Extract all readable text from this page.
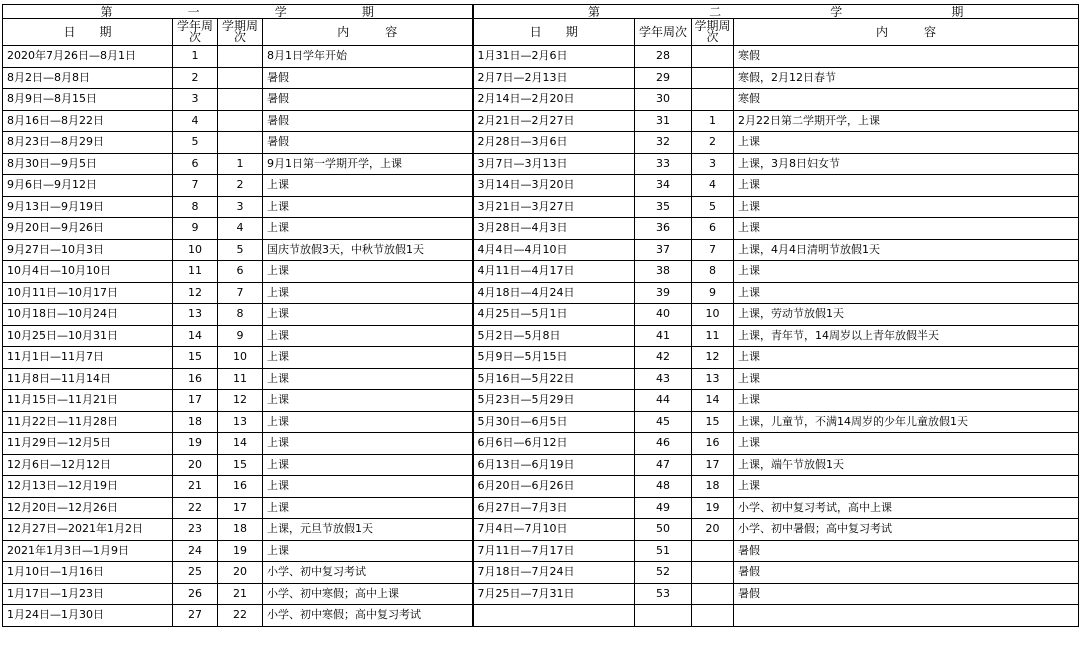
第 一 学 期				第 二 学 期			

日　　期	学年周次	学期周次	内　　　容	日　　期	学年周次	学期周次	内　　　容
2020年7月26日—8月1日	1		8月1日学年开始	1月31日—2月6日	28		寒假
8月2日—8月8日	2		暑假	2月7日—2月13日	29		寒假，2月12日春节
8月9日—8月15日	3		暑假	2月14日—2月20日	30		寒假
8月16日—8月22日	4		暑假	2月21日—2月27日	31	1	2月22日第二学期开学，上课
8月23日—8月29日	5		暑假	2月28日—3月6日	32	2	上课
8月30日—9月5日	6	1	9月1日第一学期开学，上课	3月7日—3月13日	33	3	上课，3月8日妇女节
9月6日—9月12日	7	2	上课	3月14日—3月20日	34	4	上课
9月13日—9月19日	8	3	上课	3月21日—3月27日	35	5	上课
9月20日—9月26日	9	4	上课	3月28日—4月3日	36	6	上课
9月27日—10月3日	10	5	国庆节放假3天，中秋节放假1天	4月4日—4月10日	37	7	上课，4月4日清明节放假1天
10月4日—10月10日	11	6	上课	4月11日—4月17日	38	8	上课
10月11日—10月17日	12	7	上课	4月18日—4月24日	39	9	上课
10月18日—10月24日	13	8	上课	4月25日—5月1日	40	10	上课，劳动节放假1天
10月25日—10月31日	14	9	上课	5月2日—5月8日	41	11	上课，青年节，14周岁以上青年放假半天
11月1日—11月7日	15	10	上课	5月9日—5月15日	42	12	上课
11月8日—11月14日	16	11	上课	5月16日—5月22日	43	13	上课
11月15日—11月21日	17	12	上课	5月23日—5月29日	44	14	上课
11月22日—11月28日	18	13	上课	5月30日—6月5日	45	15	上课，儿童节，不满14周岁的少年儿童放假1天
11月29日—12月5日	19	14	上课	6月6日—6月12日	46	16	上课
12月6日—12月12日	20	15	上课	6月13日—6月19日	47	17	上课，端午节放假1天
12月13日—12月19日	21	16	上课	6月20日—6月26日	48	18	上课
12月20日—12月26日	22	17	上课	6月27日—7月3日	49	19	小学、初中复习考试，高中上课
12月27日—2021年1月2日	23	18	上课，元旦节放假1天	7月4日—7月10日	50	20	小学、初中暑假；高中复习考试
2021年1月3日—1月9日	24	19	上课	7月11日—7月17日	51		暑假
1月10日—1月16日	25	20	小学、初中复习考试	7月18日—7月24日	52		暑假
1月17日—1月23日	26	21	小学、初中寒假；高中上课	7月25日—7月31日	53		暑假
1月24日—1月30日	27	22	小学、初中寒假；高中复习考试				
